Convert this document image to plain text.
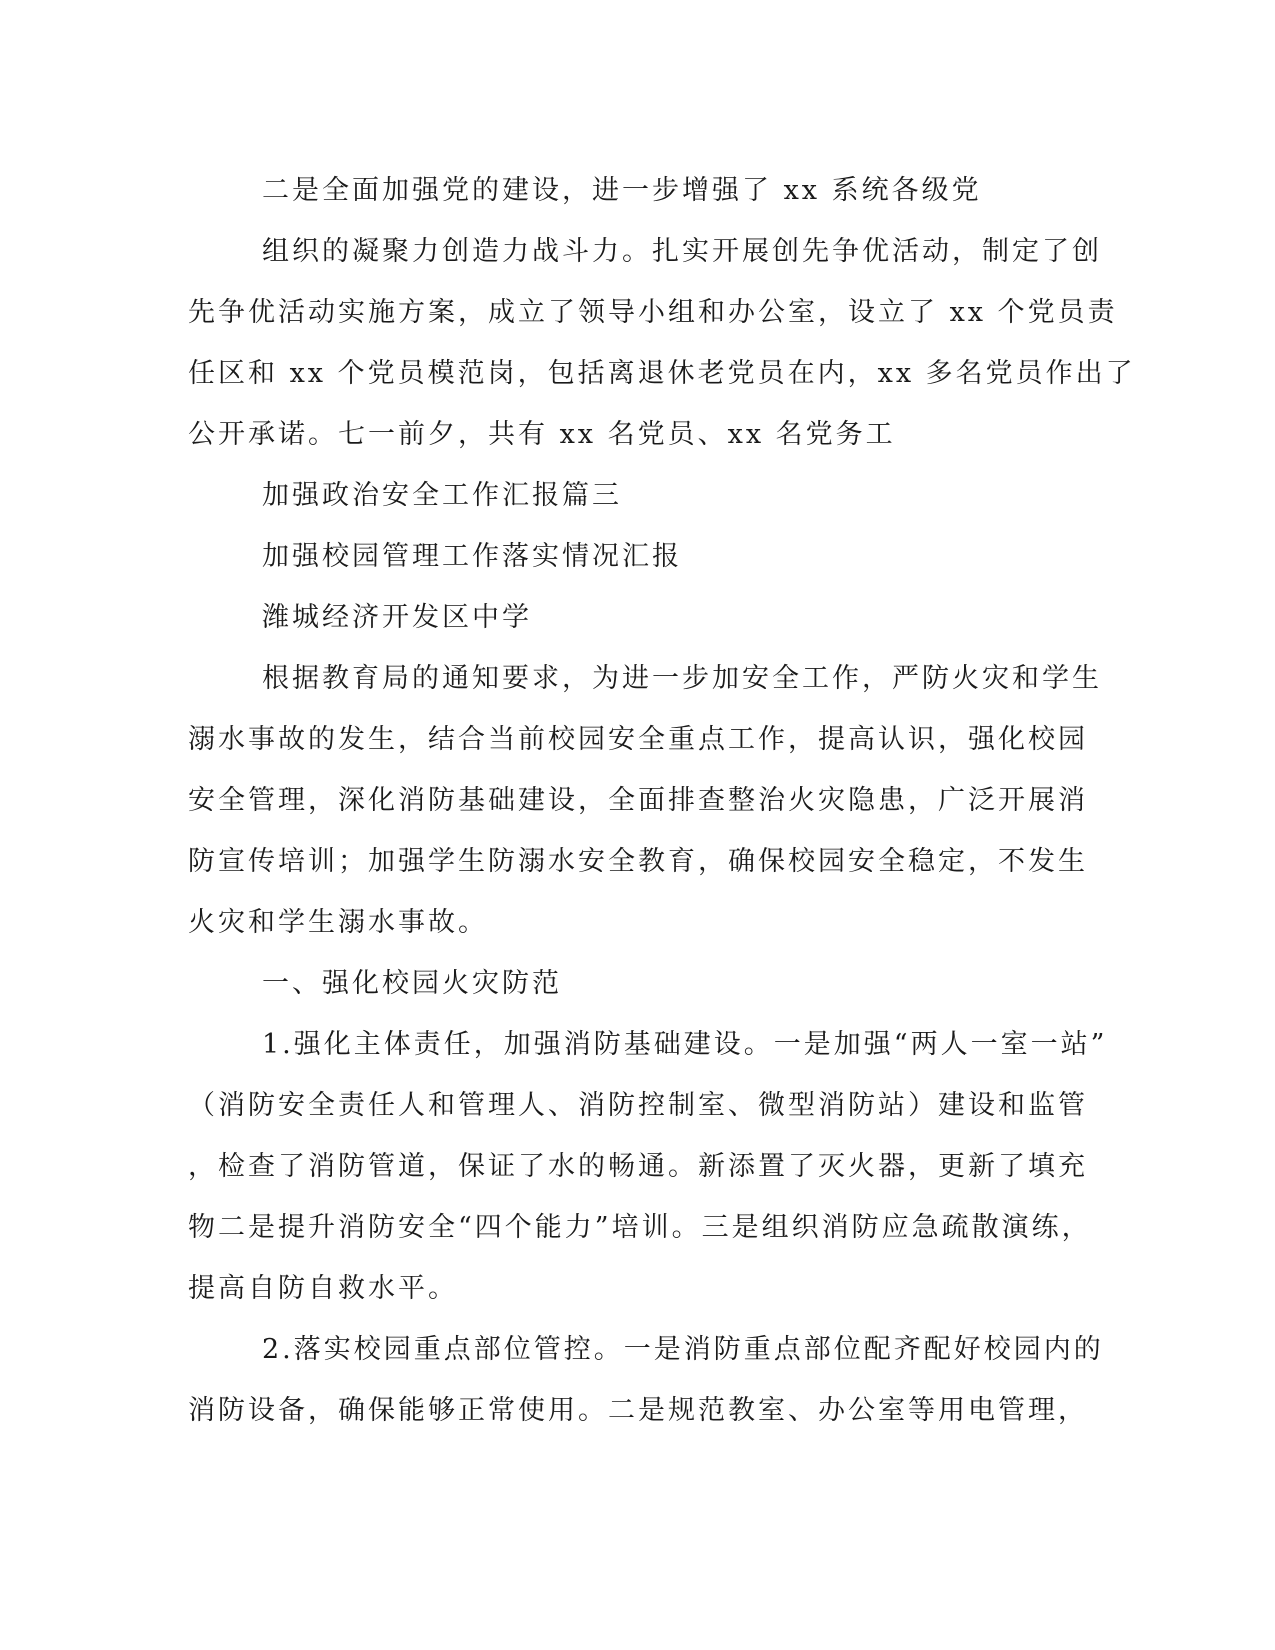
二是全面加强党的建设，进一步增强了 xx 系统各级党
组织的凝聚力创造力战斗力。扎实开展创先争优活动，制定了创
先争优活动实施方案，成立了领导小组和办公室，设立了 xx 个党员责
任区和 xx 个党员模范岗，包括离退休老党员在内，xx 多名党员作出了
公开承诺。七一前夕，共有 xx 名党员、xx 名党务工
加强政治安全工作汇报篇三
加强校园管理工作落实情况汇报
潍城经济开发区中学
根据教育局的通知要求，为进一步加安全工作，严防火灾和学生
溺水事故的发生，结合当前校园安全重点工作，提高认识，强化校园
安全管理，深化消防基础建设，全面排查整治火灾隐患，广泛开展消
防宣传培训；加强学生防溺水安全教育，确保校园安全稳定，不发生
火灾和学生溺水事故。
一、强化校园火灾防范
1.强化主体责任，加强消防基础建设。一是加强“两人一室一站”
（消防安全责任人和管理人、消防控制室、微型消防站）建设和监管
，检查了消防管道，保证了水的畅通。新添置了灭火器，更新了填充
物二是提升消防安全“四个能力”培训。三是组织消防应急疏散演练，
提高自防自救水平。
2.落实校园重点部位管控。一是消防重点部位配齐配好校园内的
消防设备，确保能够正常使用。二是规范教室、办公室等用电管理，
